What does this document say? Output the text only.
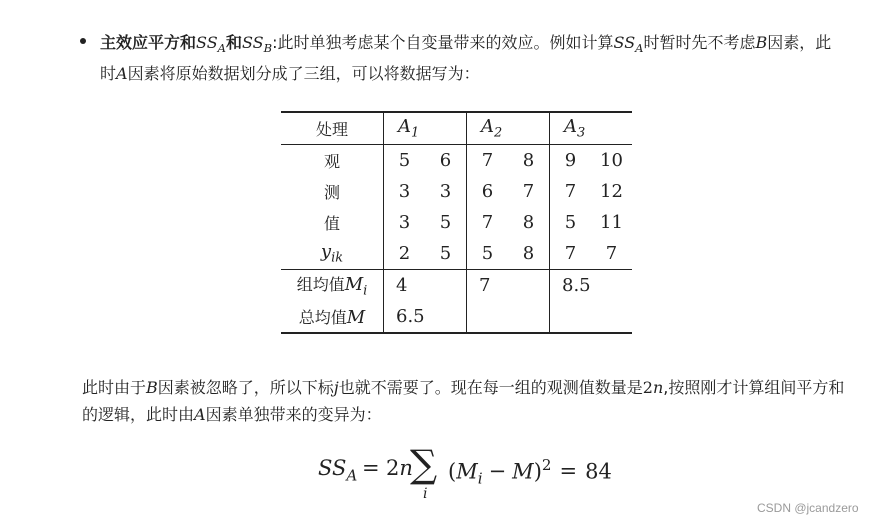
主效应平方和$SS_A$和$SS_B$:此时单独考虑某个自变量带来的效应。例如计算$SS_A$时暂时先不考虑B因素，此时A因素将原始数据划分成了三组，可以将数据写为：
处理	$A_1$		$A_2$		$A_3$
观	5	6	7	8	9	10
测	3	3	6	7	7	12
值	3	5	7	8	5	11
$y_{ik}$	2	5	5	8	7	7
组均值$M_i$	4		7		8.5	
总均值M	6.5					
此时由于B因素被忽略了，所以下标j也就不需要了。现在每一组的观测值数量是2n,按照刚才计算组间平方和的逻辑，此时由A因素单独带来的变异为：
$SS_A = 2n$
∑
i
$(M_i - M)^2 = 84$
CSDN @jcandzero
